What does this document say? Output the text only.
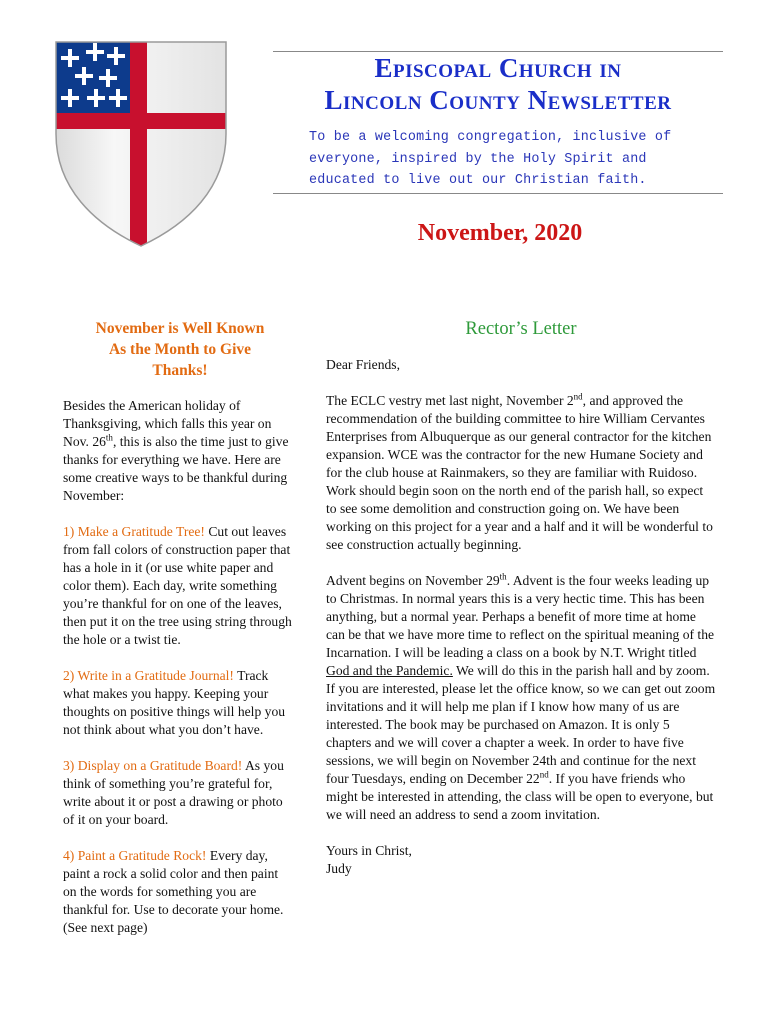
Episcopal Church in
Lincoln County Newsletter
To be a welcoming congregation, inclusive of
everyone, inspired by the Holy Spirit and
educated to live out our Christian faith.
November, 2020
November is Well Known
As the Month to Give
Thanks!

Besides the American holiday of Thanksgiving, which falls this year on Nov. 26th, this is also the time just to give thanks for everything we have. Here are some creative ways to be thankful during November:

1) Make a Gratitude Tree! Cut out leaves from fall colors of construction paper that has a hole in it (or use white paper and color them). Each day, write something you’re thankful for on one of the leaves, then put it on the tree using string through the hole or a twist tie.

2) Write in a Gratitude Journal! Track what makes you happy. Keeping your thoughts on positive things will help you not think about what you don’t have.

3) Display on a Gratitude Board! As you think of something you’re grateful for, write about it or post a drawing or photo of it on your board.

4) Paint a Gratitude Rock! Every day, paint a rock a solid color and then paint on the words for something you are thankful for. Use to decorate your home.
(See next page)

Rector’s Letter

Dear Friends,

The ECLC vestry met last night, November 2nd, and approved the recommendation of the building committee to hire William Cervantes Enterprises from Albuquerque as our general contractor for the kitchen expansion. WCE was the contractor for the new Humane Society and for the club house at Rainmakers, so they are familiar with Ruidoso. Work should begin soon on the north end of the parish hall, so expect to see some demolition and construction going on. We have been working on this project for a year and a half and it will be wonderful to see construction actually beginning.

Advent begins on November 29th. Advent is the four weeks leading up to Christmas. In normal years this is a very hectic time. This has been anything, but a normal year. Perhaps a benefit of more time at home can be that we have more time to reflect on the spiritual meaning of the Incarnation. I will be leading a class on a book by N.T. Wright titled God and the Pandemic. We will do this in the parish hall and by zoom. If you are interested, please let the office know, so we can get out zoom invitations and it will help me plan if I know how many of us are interested. The book may be purchased on Amazon. It is only 5 chapters and we will cover a chapter a week. In order to have five sessions, we will begin on November 24th and continue for the next four Tuesdays, ending on December 22nd. If you have friends who might be interested in attending, the class will be open to everyone, but we will need an address to send a zoom invitation.

Yours in Christ,
Judy
